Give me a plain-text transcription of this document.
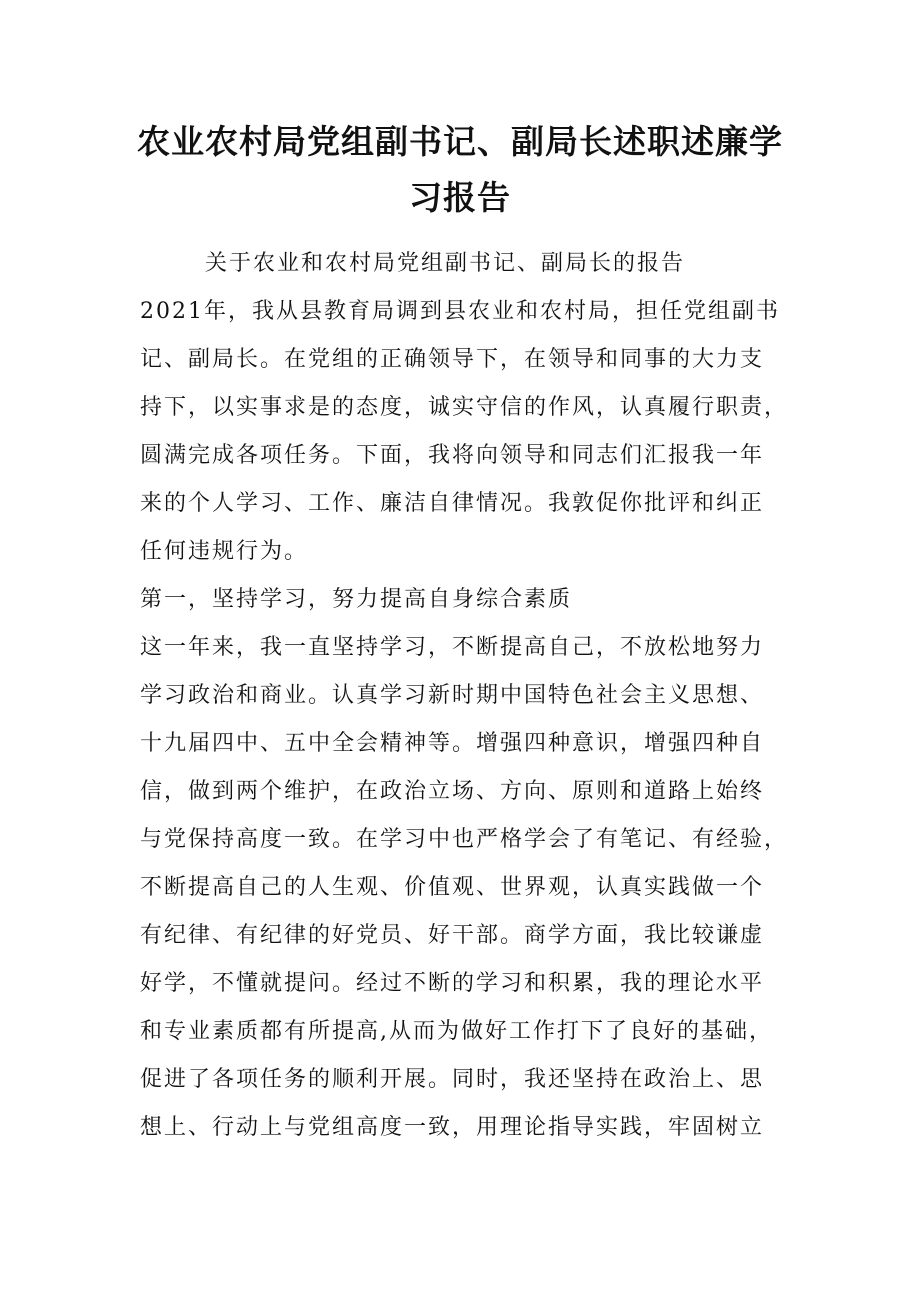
农业农村局党组副书记、副局长述职述廉学
习报告

关于农业和农村局党组副书记、副局长的报告

2021年，我从县教育局调到县农业和农村局，担任党组副书

记、副局长。在党组的正确领导下，在领导和同事的大力支

持下，以实事求是的态度，诚实守信的作风，认真履行职责，

圆满完成各项任务。下面，我将向领导和同志们汇报我一年

来的个人学习、工作、廉洁自律情况。我敦促你批评和纠正

任何违规行为。

第一，坚持学习，努力提高自身综合素质

这一年来，我一直坚持学习，不断提高自己，不放松地努力

学习政治和商业。认真学习新时期中国特色社会主义思想、

十九届四中、五中全会精神等。增强四种意识，增强四种自

信，做到两个维护，在政治立场、方向、原则和道路上始终

与党保持高度一致。在学习中也严格学会了有笔记、有经验，

不断提高自己的人生观、价值观、世界观，认真实践做一个

有纪律、有纪律的好党员、好干部。商学方面，我比较谦虚

好学，不懂就提问。经过不断的学习和积累，我的理论水平

和专业素质都有所提高,从而为做好工作打下了良好的基础，

促进了各项任务的顺利开展。同时，我还坚持在政治上、思

想上、行动上与党组高度一致，用理论指导实践，牢固树立
